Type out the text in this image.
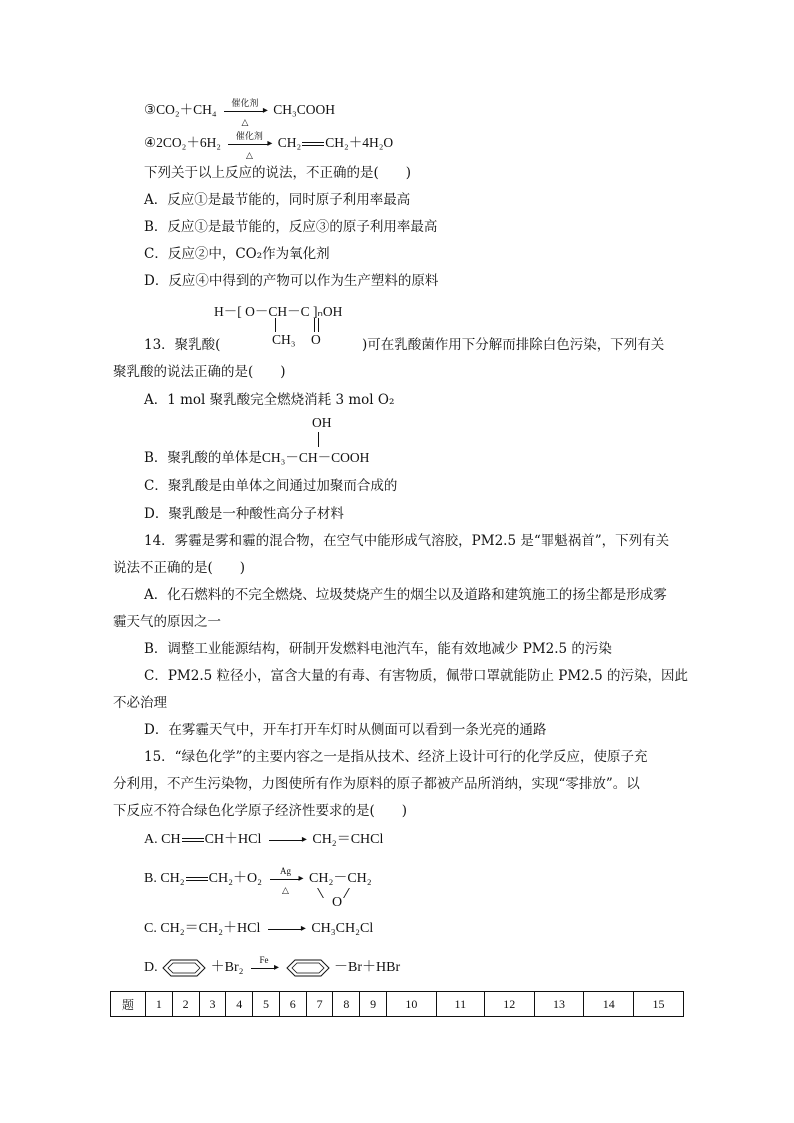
③CO₂＋CH₄	催化剂
▸
△
CH₃COOH
④2CO₂＋6H₂	催化剂
▸
△
CH₂ CH₂＋4H₂O
下列关于以上反应的说法，不正确的是(　　)
A．反应①是最节能的，同时原子利用率最高
B．反应①是最节能的，反应③的原子利用率最高
C．反应②中，CO₂作为氧化剂
D．反应④中得到的产物可以作为生产塑料的原料
H－[ O－CH－C ]ₙOH
CH₃ O
13．聚乳酸(	)可在乳酸菌作用下分解而排除白色污染，下列有关
聚乳酸的说法正确的是(　　)
A．1 mol 聚乳酸完全燃烧消耗 3 mol O₂
OH
B．聚乳酸的单体是CH₃－CH－COOH
C．聚乳酸是由单体之间通过加聚而合成的
D．聚乳酸是一种酸性高分子材料
14．雾霾是雾和霾的混合物，在空气中能形成气溶胶，PM2.5 是“罪魁祸首”，下列有关
说法不正确的是(　　)
A．化石燃料的不完全燃烧、垃圾焚烧产生的烟尘以及道路和建筑施工的扬尘都是形成雾
霾天气的原因之一
B．调整工业能源结构，研制开发燃料电池汽车，能有效地减少 PM2.5 的污染
C．PM2.5 粒径小，富含大量的有毒、有害物质，佩带口罩就能防止 PM2.5 的污染，因此
不必治理
D．在雾霾天气中，开车打开车灯时从侧面可以看到一条光亮的通路
15．“绿色化学”的主要内容之一是指从技术、经济上设计可行的化学反应，使原子充
分利用，不产生污染物，力图使所有作为原料的原子都被产品所消纳，实现“零排放”。以
下反应不符合绿色化学原子经济性要求的是(　　)
A. CH CH＋HCl	▸ CH₂＝CHCl
B. CH₂ CH₂＋O₂
Ag
▸
△
CH₂－CH₂
O
C. CH₂＝CH₂＋HCl	▸ CH₃CH₂Cl
D.	＋Br₂
Fe
▸	－Br＋HBr
题	1	2	3	4	5	6	7	8	9	10	11	12	13	14	15
